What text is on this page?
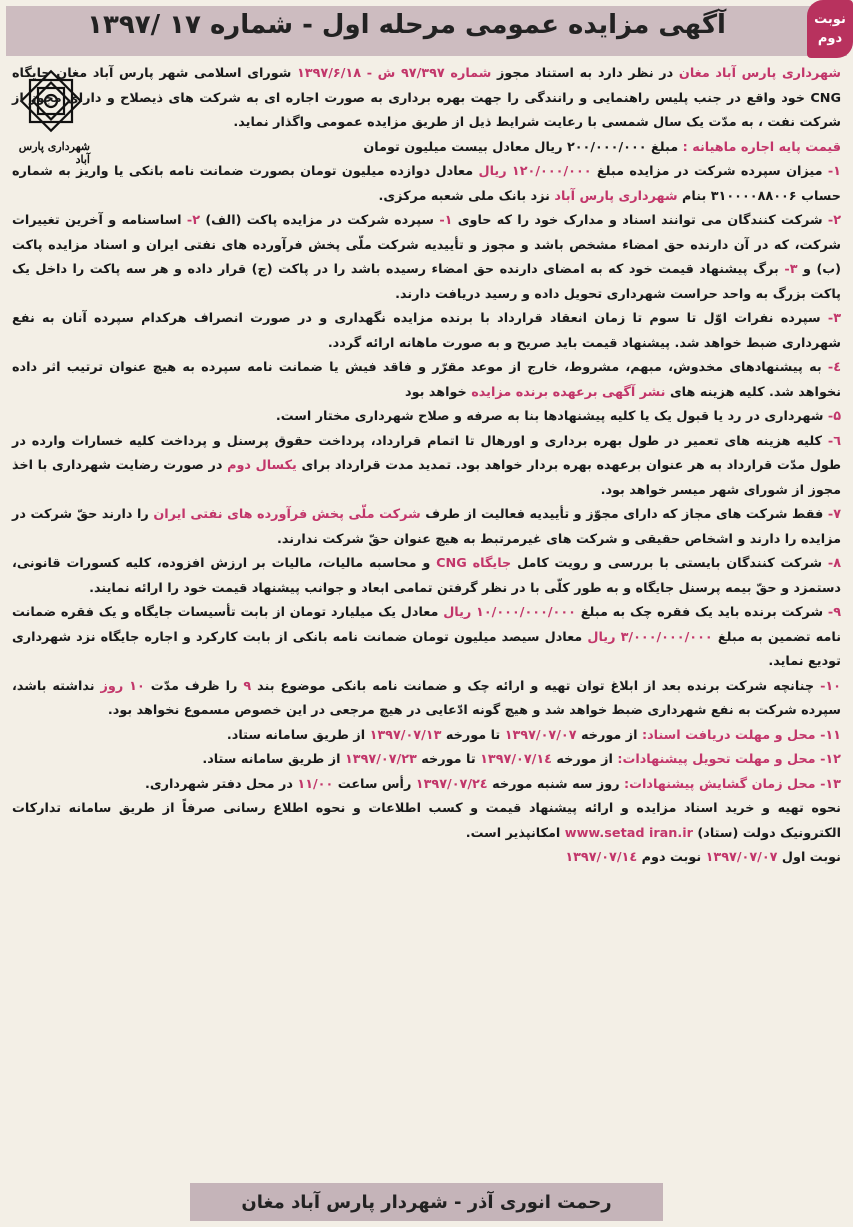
آگهی مزایده عمومی مرحله اول - شماره ۱۷ /۱۳۹۷	نوبت
دوم
شهرداری پارس آباد

شهرداری پارس آباد مغان در نظر دارد به استناد مجوز شماره ۹۷/۳۹۷ ش - ۱۳۹۷/۶/۱۸ شورای اسلامی شهر پارس آباد مغان جایگاه CNG خود واقع در جنب پلیس راهنمایی و رانندگی را جهت بهره برداری به صورت اجاره ای به شرکت های ذیصلاح و دارای مجوز از شرکت نفت ، به مدّت یک سال شمسی با رعایت شرایط ذیل از طریق مزایده عمومی واگذار نماید.

قیمت پایه اجاره ماهیانه : مبلغ ۲۰۰/۰۰۰/۰۰۰ ریال معادل بیست میلیون تومان

۱- میزان سپرده شرکت در مزایده مبلغ ۱۲۰/۰۰۰/۰۰۰ ریال معادل دوازده میلیون تومان بصورت ضمانت نامه بانکی یا واریز به شماره حساب ۳۱۰۰۰۰۸۸۰۰۶ بنام شهرداری پارس آباد نزد بانک ملی شعبه مرکزی.

۲- شرکت کنندگان می توانند اسناد و مدارک خود را که حاوی ۱- سپرده شرکت در مزایده پاکت (الف) ۲- اساسنامه و آخرین تغییرات شرکت، که در آن دارنده حق امضاء مشخص باشد و مجوز و تأییدیه شرکت ملّی پخش فرآورده های نفتی ایران و اسناد مزایده پاکت (ب) و ۳- برگ پیشنهاد قیمت خود که به امضای دارنده حق امضاء رسیده باشد را در پاکت (ج) قرار داده و هر سه پاکت را داخل یک پاکت بزرگ به واحد حراست شهرداری تحویل داده و رسید دریافت دارند.

۳- سپرده نفرات اوّل تا سوم تا زمان انعقاد قرارداد با برنده مزایده نگهداری و در صورت انصراف هرکدام سپرده آنان به نفع شهرداری ضبط خواهد شد. پیشنهاد قیمت باید صریح و به صورت ماهانه ارائه گردد.

٤- به پیشنهادهای مخدوش، مبهم، مشروط، خارج از موعد مقرّر و فاقد فیش یا ضمانت نامه سپرده به هیچ عنوان ترتیب اثر داده نخواهد شد. کلیه هزینه های نشر آگهی برعهده برنده مزایده خواهد بود

۵- شهرداری در رد یا قبول یک یا کلیه پیشنهادها بنا به صرفه و صلاح شهرداری مختار است.

٦- کلیه هزینه های تعمیر در طول بهره برداری و اورهال تا اتمام قرارداد، پرداخت حقوق پرسنل و پرداخت کلیه خسارات وارده در طول مدّت قرارداد به هر عنوان برعهده بهره بردار خواهد بود. تمدید مدت قرارداد برای یکسال دوم در صورت رضایت شهرداری با اخذ مجوز از شورای شهر میسر خواهد بود.

۷- فقط شرکت های مجاز که دارای مجوّز و تأییدیه فعالیت از طرف شرکت ملّی پخش فرآورده های نفتی ایران را دارند حقّ شرکت در مزایده را دارند و اشخاص حقیقی و شرکت های غیرمرتبط به هیچ عنوان حقّ شرکت ندارند.

۸- شرکت کنندگان بایستی با بررسی و رویت کامل جایگاه CNG و محاسبه مالیات، مالیات بر ارزش افزوده، کلیه کسورات قانونی، دستمزد و حقّ بیمه پرسنل جایگاه و به طور کلّی با در نظر گرفتن تمامی ابعاد و جوانب پیشنهاد قیمت خود را ارائه نمایند.

۹- شرکت برنده باید یک فقره چک به مبلغ ۱۰/۰۰۰/۰۰۰/۰۰۰ ریال معادل یک میلیارد تومان از بابت تأسیسات جایگاه و یک فقره ضمانت نامه تضمین به مبلغ ۳/۰۰۰/۰۰۰/۰۰۰ ریال معادل سیصد میلیون تومان ضمانت نامه بانکی از بابت کارکرد و اجاره جایگاه نزد شهرداری تودیع نماید.

۱۰- چنانچه شرکت برنده بعد از ابلاغ توان تهیه و ارائه چک و ضمانت نامه بانکی موضوع بند ۹ را ظرف مدّت ۱۰ روز نداشته باشد، سپرده شرکت به نفع شهرداری ضبط خواهد شد و هیچ گونه ادّعایی در هیچ مرجعی در این خصوص مسموع نخواهد بود.

۱۱- محل و مهلت دریافت اسناد: از مورخه ۱۳۹۷/۰۷/۰۷ تا مورخه ۱۳۹۷/۰۷/۱۳ از طریق سامانه ستاد.

۱۲- محل و مهلت تحویل پیشنهادات: از مورخه ۱۳۹۷/۰۷/۱٤ تا مورخه ۱۳۹۷/۰۷/۲۳ از طریق سامانه ستاد.

۱۳- محل زمان گشایش پیشنهادات: روز سه شنبه مورخه ۱۳۹۷/۰۷/۲٤ رأس ساعت ۱۱/۰۰ در محل دفتر شهرداری.

نحوه تهیه و خرید اسناد مزایده و ارائه پیشنهاد قیمت و کسب اطلاعات و نحوه اطلاع رسانی صرفاً از طریق سامانه تدارکات الکترونیک دولت (ستاد) www.setad iran.ir امکانپذیر است.

نوبت اول ۱۳۹۷/۰۷/۰۷ نوبت دوم ۱۳۹۷/۰۷/۱٤

رحمت انوری آذر - شهردار پارس آباد مغان
